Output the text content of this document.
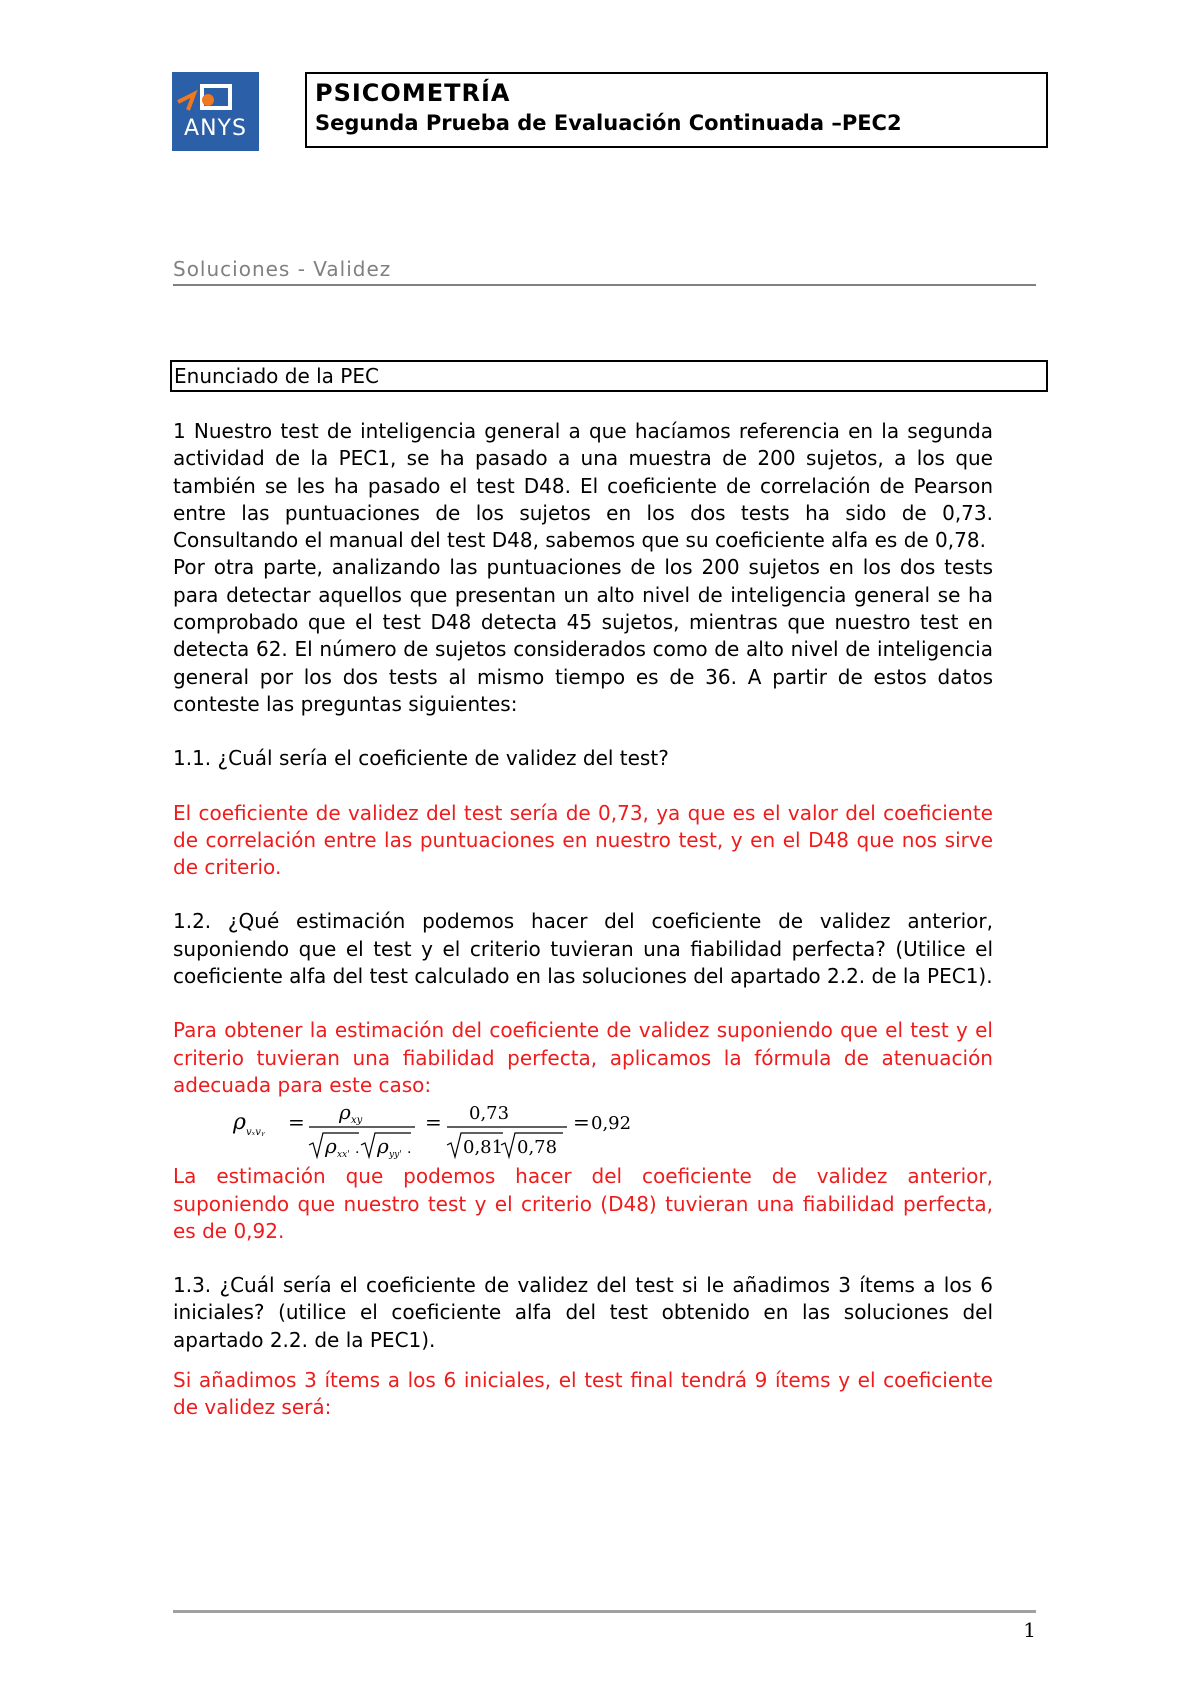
ANYS
PSICOMETRÍA
Segunda Prueba de Evaluación Continuada –PEC2
Soluciones - Validez
Enunciado de la PEC

1 Nuestro test de inteligencia general a que hacíamos referencia en la segunda actividad de la PEC1, se ha pasado a una muestra de 200 sujetos, a los que también se les ha pasado el test D48. El coeficiente de correlación de Pearson entre las puntuaciones de los sujetos en los dos tests ha sido de 0,73. Consultando el manual del test D48, sabemos que su coeficiente alfa es de 0,78.

Por otra parte, analizando las puntuaciones de los 200 sujetos en los dos tests para detectar aquellos que presentan un alto nivel de inteligencia general se ha comprobado que el test D48 detecta 45 sujetos, mientras que nuestro test en detecta 62. El número de sujetos considerados como de alto nivel de inteligencia general por los dos tests al mismo tiempo es de 36. A partir de estos datos conteste las preguntas siguientes:

1.1. ¿Cuál sería el coeficiente de validez del test?

El coeficiente de validez del test sería de 0,73, ya que es el valor del coeficiente de correlación entre las puntuaciones en nuestro test, y en el D48 que nos sirve de criterio.

1.2. ¿Qué estimación podemos hacer del coeficiente de validez anterior, suponiendo que el test y el criterio tuvieran una fiabilidad perfecta? (Utilice el coeficiente alfa del test calculado en las soluciones del apartado 2.2. de la PEC1).

Para obtener la estimación del coeficiente de validez suponiendo que el test y el criterio tuvieran una fiabilidad perfecta, aplicamos la fórmula de atenuación adecuada para este caso:

ρ vₓvᵧ = ρ xy
ρ xx' . ρ yy' .
= 0,73
0,81 0,78
= 0,92

La estimación que podemos hacer del coeficiente de validez anterior, suponiendo que nuestro test y el criterio (D48) tuvieran una fiabilidad perfecta, es de 0,92.

1.3. ¿Cuál sería el coeficiente de validez del test si le añadimos 3 ítems a los 6 iniciales? (utilice el coeficiente alfa del test obtenido en las soluciones del apartado 2.2. de la PEC1).

Si añadimos 3 ítems a los 6 iniciales, el test final tendrá 9 ítems y el coeficiente de validez será:

1
